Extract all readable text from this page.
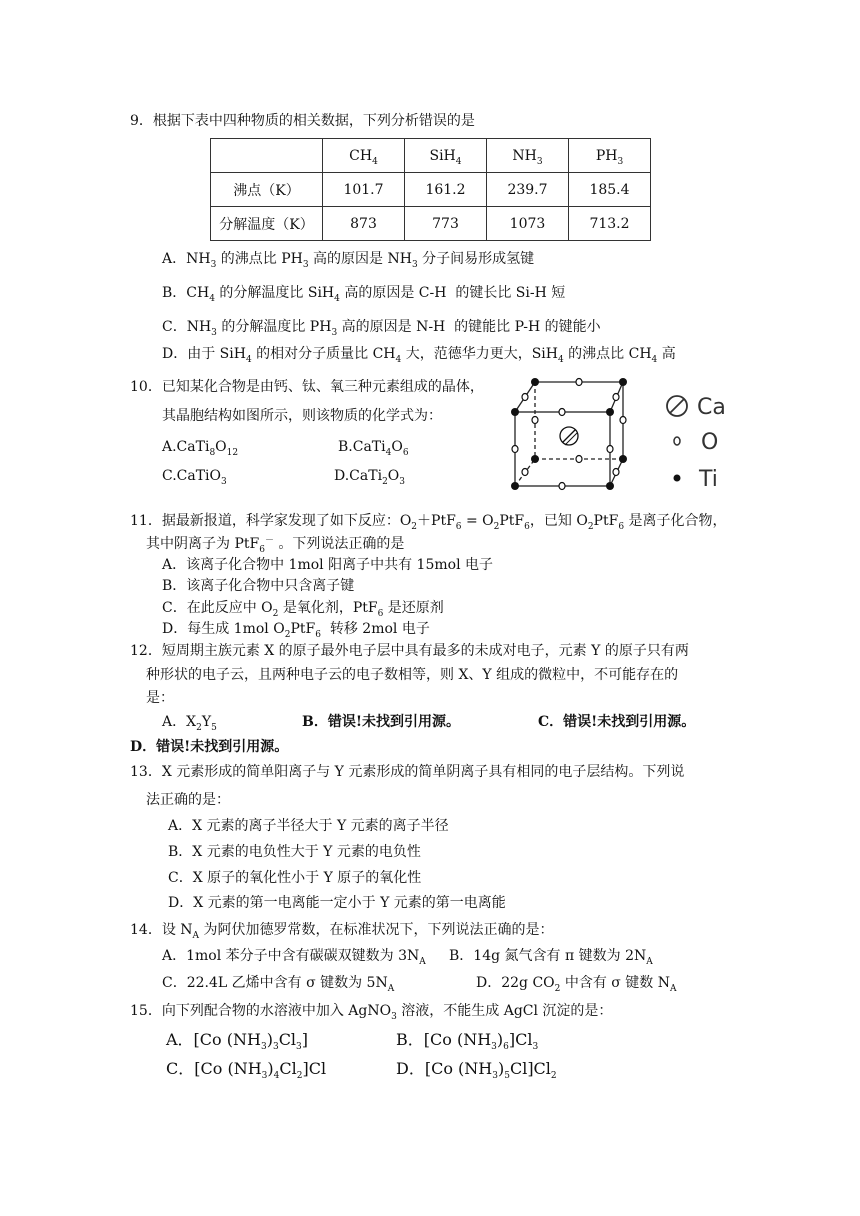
9．根据下表中四种物质的相关数据，下列分析错误的是
	$CH_4$	SiH$_4$	$NH_3$	$PH_3$
沸点（K）	101.7	161.2	239.7	185.4
分解温度（K）	873	773	1073	713.2
A．$NH_3$ 的沸点比 $PH_3$ 高的原因是 $NH_3$ 分子间易形成氢键
B．$CH_4$ 的分解温度比 SiH$_4$ 高的原因是 C-H  的键长比 Si-H 短
C．$NH_3$ 的分解温度比 $PH_3$ 高的原因是 N-H  的键能比 P-H 的键能小
D．由于 SiH$_4$ 的相对分子质量比 $CH_4$ 大，范德华力更大，SiH$_4$ 的沸点比 $CH_4$ 高
10．已知某化合物是由钙、钛、氧三种元素组成的晶体，
其晶胞结构如图所示，则该物质的化学式为：
$A.CaTi_8O_{12}$	$B.CaTi_4O_6$
C.CaTiO$_3$	$D.CaTi_2O_3$
Ca
O
Ti
11．据最新报道，科学家发现了如下反应：$O_2+PtF_6 = O_2PtF_6$，已知 $O_2PtF_6$ 是离子化合物，
其中阴离子为 PtF$_6$－ 。下列说法正确的是
A．该离子化合物中 1mol 阳离子中共有 15mol 电子
B．该离子化合物中只含离子键
C．在此反应中 $O_2$ 是氧化剂，PtF$_6$ 是还原剂
D．每生成 1mol $O_2PtF_6$  转移 2mol 电子
12．短周期主族元素 X 的原子最外电子层中具有最多的未成对电子，元素 Y 的原子只有两
种形状的电子云，且两种电子云的电子数相等，则 X、Y 组成的微粒中，不可能存在的
是：
A．$X_2Y_5$	B．错误!未找到引用源。	C．错误!未找到引用源。
D．错误!未找到引用源。
13．X 元素形成的简单阳离子与 Y 元素形成的简单阴离子具有相同的电子层结构。下列说
法正确的是：
A．X 元素的离子半径大于 Y 元素的离子半径
B．X 元素的电负性大于 Y 元素的电负性
C．X 原子的氧化性小于 Y 原子的氧化性
D．X 元素的第一电离能一定小于 Y 元素的第一电离能
14．设 $N_A$ 为阿伏加德罗常数，在标准状况下，下列说法正确的是：
A．1mol 苯分子中含有碳碳双键数为 $3N_A$ B．14g 氮气含有 π 键数为 $2N_A$
C．22.4L 乙烯中含有 σ 键数为 $5N_A$	D．22g $CO_2$ 中含有 σ 键数 $N_A$
15．向下列配合物的水溶液中加入 AgNO$_3$ 溶液，不能生成 AgCl 沉淀的是：
A．[Co $(NH_3)_3Cl_3$]	B．[Co $(NH_3)_6]Cl_3$
C．[Co $(NH_3)_4Cl_2]Cl$	D．[Co $(NH_3)_5Cl]Cl_2$
